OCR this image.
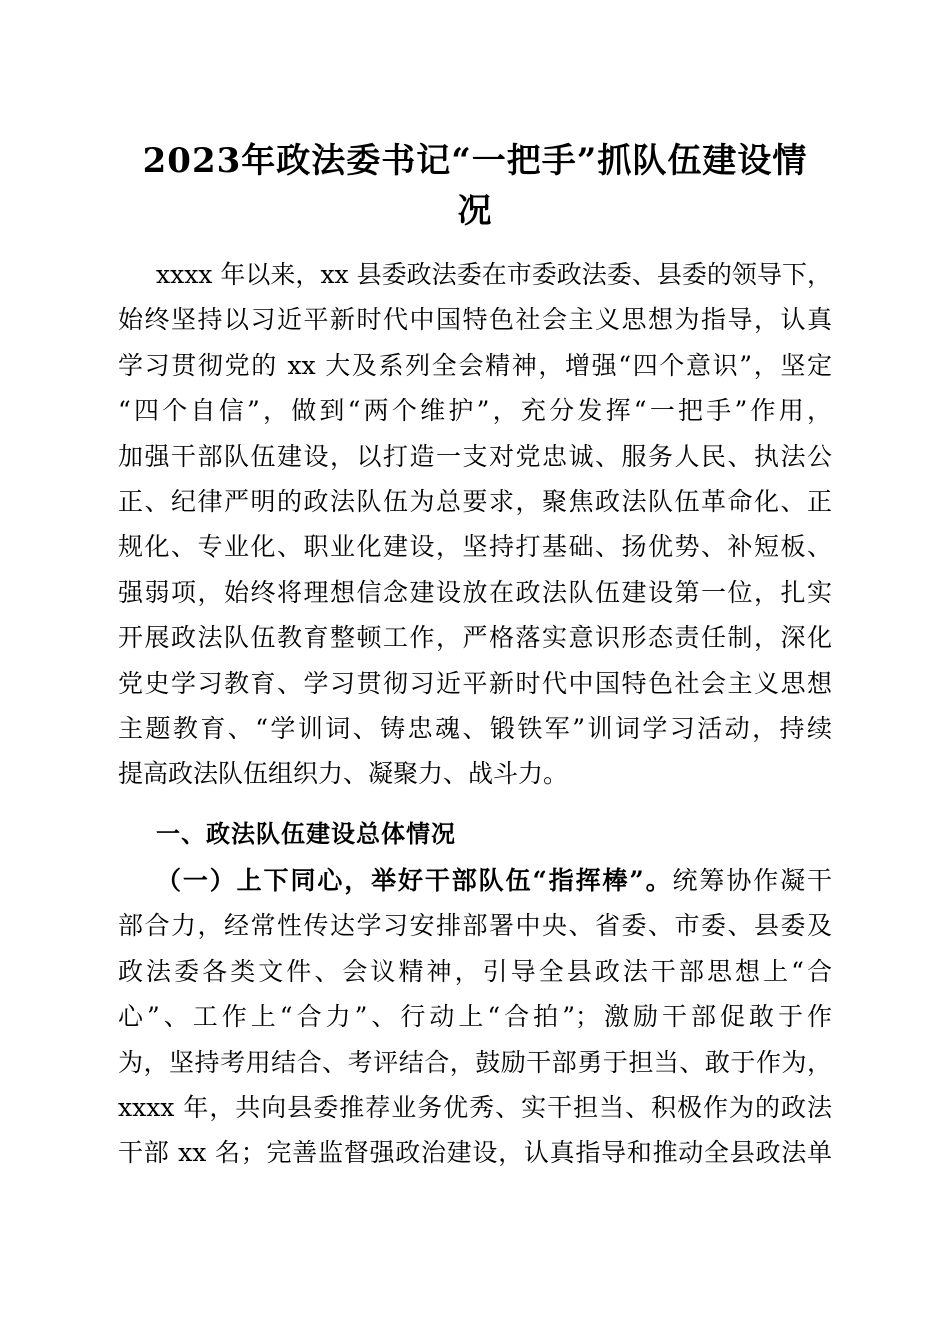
2023年政法委书记“一把手”抓队伍建设情
况
xxxx 年以来，xx 县委政法委在市委政法委、县委的领导下，
始终坚持以习近平新时代中国特色社会主义思想为指导，认真
学习贯彻党的 xx 大及系列全会精神，增强“四个意识”，坚定
“四个自信”，做到“两个维护”，充分发挥“一把手”作用，
加强干部队伍建设，以打造一支对党忠诚、服务人民、执法公
正、纪律严明的政法队伍为总要求，聚焦政法队伍革命化、正
规化、专业化、职业化建设，坚持打基础、扬优势、补短板、
强弱项，始终将理想信念建设放在政法队伍建设第一位，扎实
开展政法队伍教育整顿工作，严格落实意识形态责任制，深化
党史学习教育、学习贯彻习近平新时代中国特色社会主义思想
主题教育、“学训词、铸忠魂、锻铁军”训词学习活动，持续
提高政法队伍组织力、凝聚力、战斗力。
一、政法队伍建设总体情况
（一）上下同心，举好干部队伍“指挥棒”。统筹协作凝干
部合力，经常性传达学习安排部署中央、省委、市委、县委及
政法委各类文件、会议精神，引导全县政法干部思想上“合
心”、工作上“合力”、行动上“合拍”；激励干部促敢于作
为，坚持考用结合、考评结合，鼓励干部勇于担当、敢于作为，
xxxx 年，共向县委推荐业务优秀、实干担当、积极作为的政法
干部 xx 名；完善监督强政治建设，认真指导和推动全县政法单
